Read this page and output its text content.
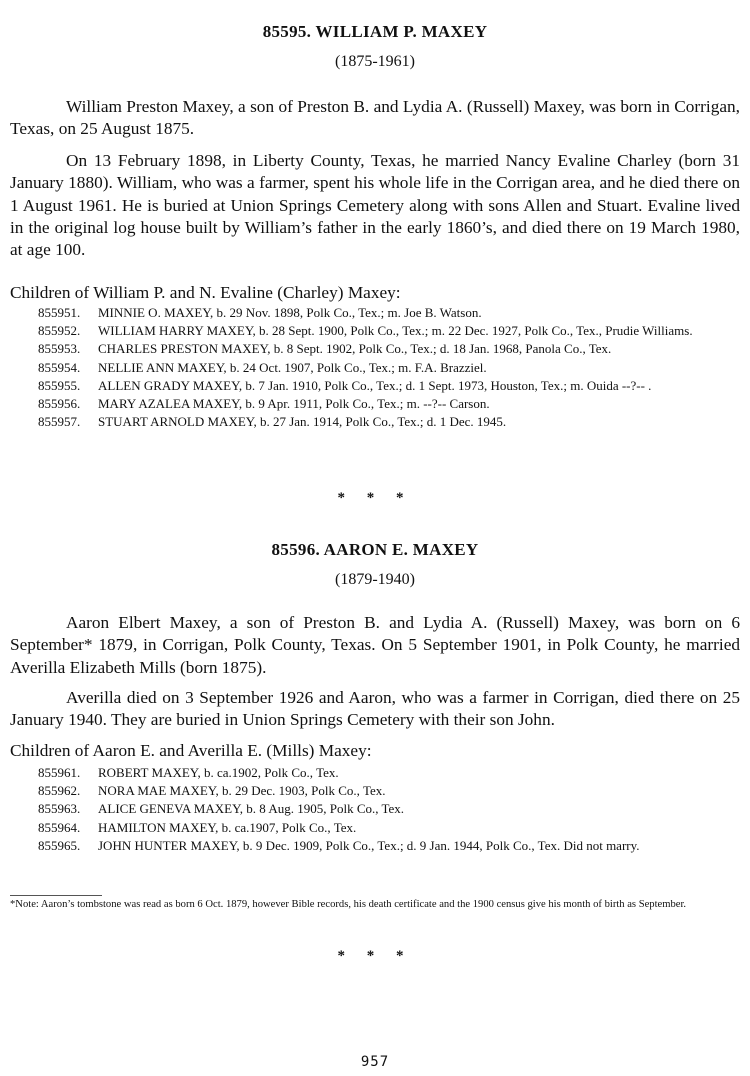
85595. WILLIAM P. MAXEY
(1875-1961)

William Preston Maxey, a son of Preston B. and Lydia A. (Russell) Maxey, was born in Corrigan, Texas, on 25 August 1875.

On 13 February 1898, in Liberty County, Texas, he married Nancy Evaline Charley (born 31 January 1880). William, who was a farmer, spent his whole life in the Corrigan area, and he died there on 1 August 1961. He is buried at Union Springs Cemetery along with sons Allen and Stuart. Evaline lived in the original log house built by William’s father in the early 1860’s, and died there on 19 March 1980, at age 100.

Children of William P. and N. Evaline (Charley) Maxey:
855951. MINNIE O. MAXEY, b. 29 Nov. 1898, Polk Co., Tex.; m. Joe B. Watson.
855952. WILLIAM HARRY MAXEY, b. 28 Sept. 1900, Polk Co., Tex.; m. 22 Dec. 1927, Polk Co., Tex., Prudie Williams.
855953. CHARLES PRESTON MAXEY, b. 8 Sept. 1902, Polk Co., Tex.; d. 18 Jan. 1968, Panola Co., Tex.
855954. NELLIE ANN MAXEY, b. 24 Oct. 1907, Polk Co., Tex.; m. F.A. Brazziel.
855955. ALLEN GRADY MAXEY, b. 7 Jan. 1910, Polk Co., Tex.; d. 1 Sept. 1973, Houston, Tex.; m. Ouida --?-- .
855956. MARY AZALEA MAXEY, b. 9 Apr. 1911, Polk Co., Tex.; m. --?-- Carson.
855957. STUART ARNOLD MAXEY, b. 27 Jan. 1914, Polk Co., Tex.; d. 1 Dec. 1945.
* * *
85596. AARON E. MAXEY
(1879-1940)

Aaron Elbert Maxey, a son of Preston B. and Lydia A. (Russell) Maxey, was born on 6 September* 1879, in Corrigan, Polk County, Texas. On 5 September 1901, in Polk County, he married Averilla Elizabeth Mills (born 1875).

Averilla died on 3 September 1926 and Aaron, who was a farmer in Corrigan, died there on 25 January 1940. They are buried in Union Springs Cemetery with their son John.

Children of Aaron E. and Averilla E. (Mills) Maxey:
855961. ROBERT MAXEY, b. ca.1902, Polk Co., Tex.
855962. NORA MAE MAXEY, b. 29 Dec. 1903, Polk Co., Tex.
855963. ALICE GENEVA MAXEY, b. 8 Aug. 1905, Polk Co., Tex.
855964. HAMILTON MAXEY, b. ca.1907, Polk Co., Tex.
855965. JOHN HUNTER MAXEY, b. 9 Dec. 1909, Polk Co., Tex.; d. 9 Jan. 1944, Polk Co., Tex. Did not marry.

*Note: Aaron’s tombstone was read as born 6 Oct. 1879, however Bible records, his death certificate and the 1900 census give his month of birth as September.

* * *
957
